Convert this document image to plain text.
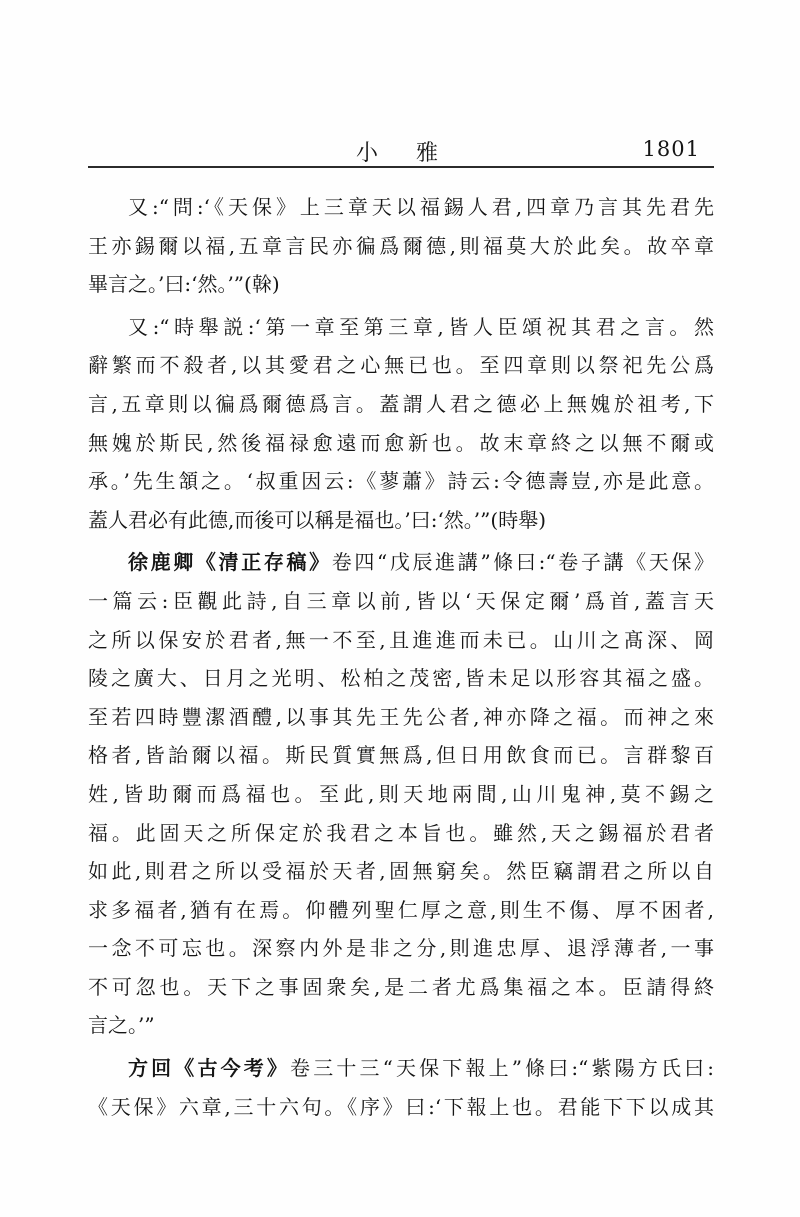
小　雅	1801
又:“問:‘《天保》上三章天以福錫人君,四章乃言其先君先
王亦錫爾以福,五章言民亦徧爲爾德,則福莫大於此矣。故卒章
畢言之。’曰:‘然。’”(榦)
又:“時舉説:‘第一章至第三章,皆人臣頌祝其君之言。然
辭繁而不殺者,以其愛君之心無已也。至四章則以祭祀先公爲
言,五章則以徧爲爾德爲言。蓋謂人君之德必上無媿於祖考,下
無媿於斯民,然後福禄愈遠而愈新也。故末章終之以無不爾或
承。’先生頷之。‘叔重因云:《蓼蕭》詩云:令德壽豈,亦是此意。
蓋人君必有此德,而後可以稱是福也。’曰:‘然。’”(時舉)
徐鹿卿《清正存稿》卷四“戊辰進講”條曰:“卷子講《天保》
一篇云:臣觀此詩,自三章以前,皆以‘天保定爾’爲首,蓋言天
之所以保安於君者,無一不至,且進進而未已。山川之髙深、岡
陵之廣大、日月之光明、松柏之茂密,皆未足以形容其福之盛。
至若四時豐潔酒醴,以事其先王先公者,神亦降之福。而神之來
格者,皆詒爾以福。斯民質實無爲,但日用飲食而已。言群黎百
姓,皆助爾而爲福也。至此,則天地兩間,山川鬼神,莫不錫之
福。此固天之所保定於我君之本旨也。雖然,天之錫福於君者
如此,則君之所以受福於天者,固無窮矣。然臣竊謂君之所以自
求多福者,猶有在焉。仰體列聖仁厚之意,則生不傷、厚不困者,
一念不可忘也。深察内外是非之分,則進忠厚、退浮薄者,一事
不可忽也。天下之事固衆矣,是二者尤爲集福之本。臣請得終
言之。’”
方回《古今考》卷三十三“天保下報上”條曰:“紫陽方氏曰:
《天保》六章,三十六句。《序》曰:‘下報上也。君能下下以成其
